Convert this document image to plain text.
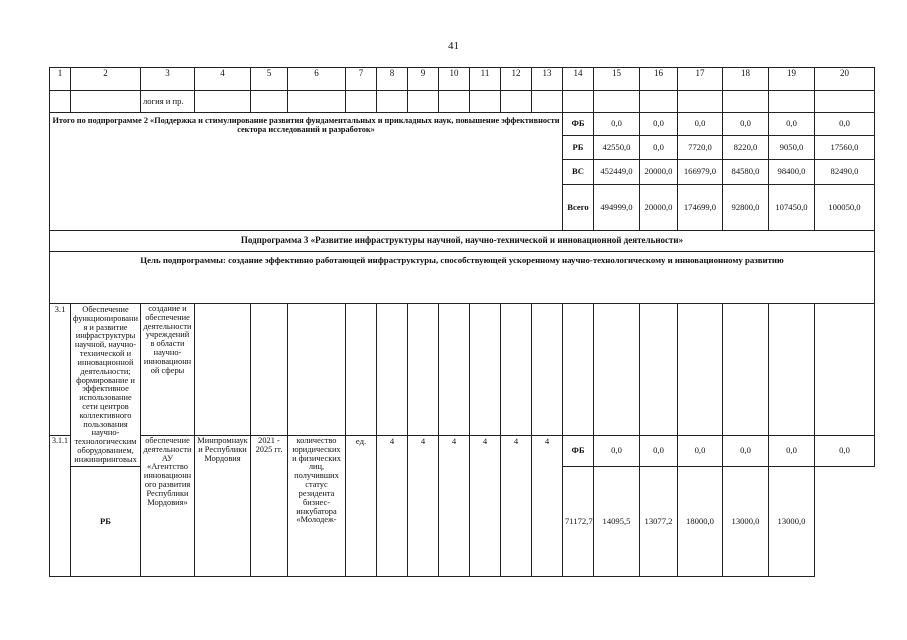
41
1	2	3	4	5	6	7	8	9	10	11	12	13	14	15	16	17	18	19	20
		логия и пр.																	
Итого по подпрограмме 2 «Поддержка и стимулирование развития фундаментальных и прикладных наук, повышение эффективности сектора исследований и разработок»													ФБ	0,0	0,0	0,0	0,0	0,0	0,0
													РБ	42550,0	0,0	7720,0	8220,0	9050,0	17560,0
													ВС	452449,0	20000,0	166979,0	84580,0	98400,0	82490,0
													Всего	494999,0	20000,0	174699,0	92800,0	107450,0	100050,0
Подпрограмма 3 «Развитие инфраструктуры научной, научно-технической и инновационной деятельности»																			
Цель подпрограммы: создание эффективно работающей инфраструктуры, способствующей ускоренному научно-технологическому и инновационному развитию																			
3.1	Обеспечение функционирования и развитие инфраструктуры научной, научно-технической и инновационной деятельности; формирование и эффективное использование сети центров коллективного пользования научно-технологическим оборудованием, инжиниринговых	создание и обеспечение деятельности учреждений в области научно-инновационной сферы																	
3.1.1		обеспечение деятельности АУ «Агентство инновационного развития Республики Мордовия»	Минпромнауки Республики Мордовия	2021 - 2025 гг.	количество юридических и физических лиц, получивших статус резидента бизнес-инкубатора «Молодеж-	ед.	4	4	4	4	4	4	ФБ	0,0	0,0	0,0	0,0	0,0	0,0
	РБ												71172,7	14095,5	13077,2	18000,0	13000,0	13000,0	
